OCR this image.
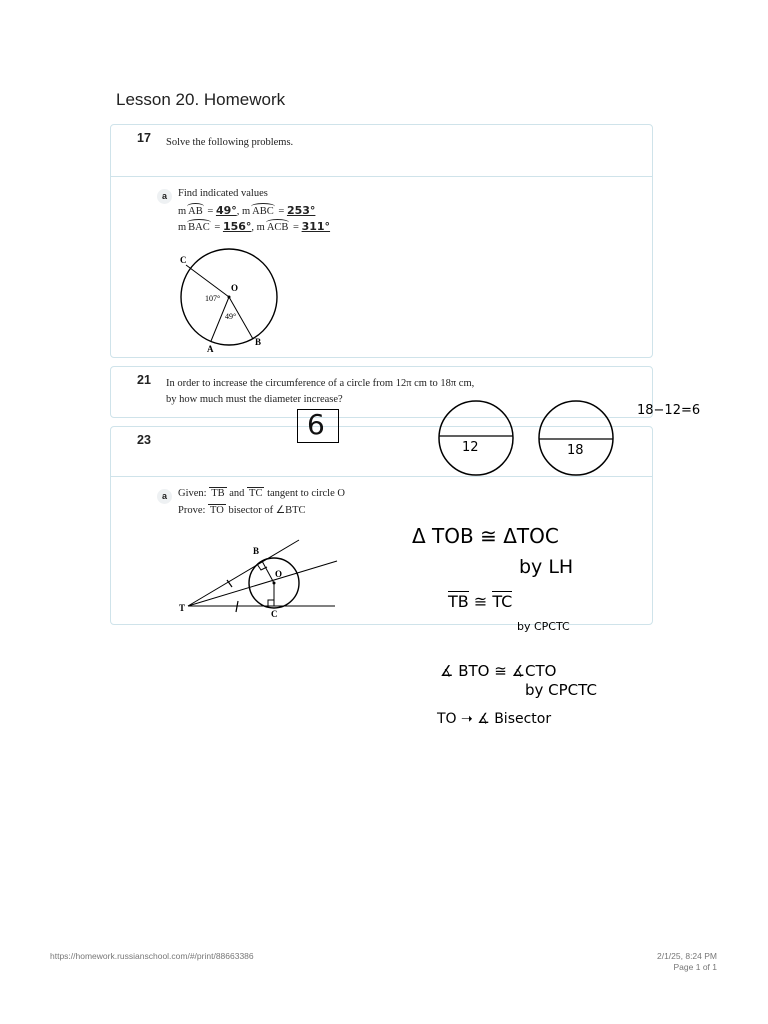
Lesson 20. Homework
17 Solve the following problems.
a	Find indicated values
m AB = 49°, m ABC = 253°
m BAC = 156°, m ACB = 311°
C
O
A
B
107°
49°
21 In order to increase the circumference of a circle from 12π cm to 18π cm,
by how much must the diameter increase?
23
a	Given: TB and TC tangent to circle O
Prove: TO bisector of ∠BTC
T
B
O
C
6
12	18
18−12=6
Δ TOB ≅ ΔTOC
by LH
TB ≅ TC
by CPCTC
∡ BTO ≅ ∡CTO
by CPCTC
TO ➝ ∡ Bisector
https://homework.russianschool.com/#/print/88663386	2/1/25, 8:24 PM
Page 1 of 1
